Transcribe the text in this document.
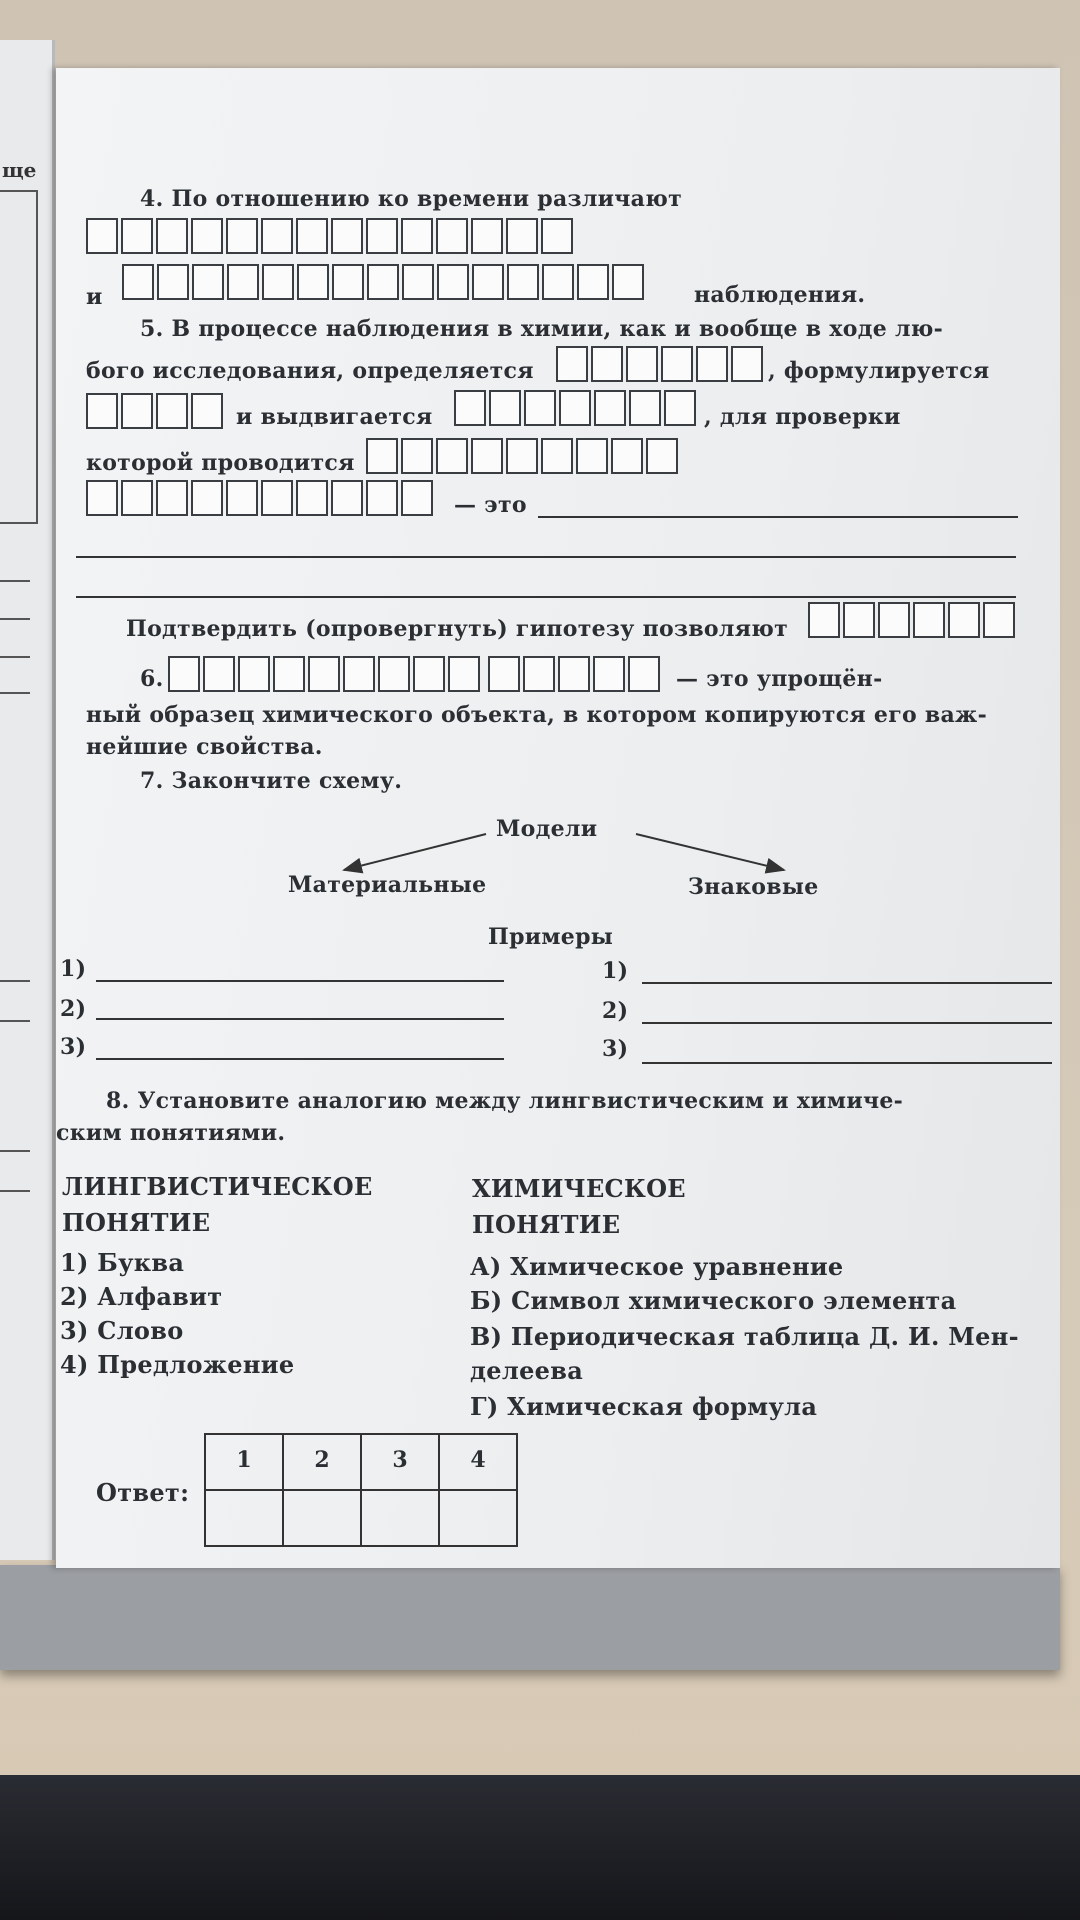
ще
4. По отношению ко времени различают
и	наблюдения.
5. В процессе наблюдения в химии, как и вообще в ходе лю-
бого исследования, определяется	, формулируется
и выдвигается	, для проверки
которой проводится
— это
Подтвердить (опровергнуть) гипотезу позволяют
6.	— это упрощён-
ный образец химического объекта, в котором копируются его важ-
нейшие свойства.
7. Закончите схему.
Модели
Материальные	Знаковые
Примеры
1)
2)
3)
1)
2)
3)
8. Установите аналогию между лингвистическим и химиче-
ским понятиями.
ЛИНГВИСТИЧЕСКОЕ
ПОНЯТИЕ
ХИМИЧЕСКОЕ
ПОНЯТИЕ
1) Буква
2) Алфавит
3) Слово
4) Предложение
А) Химическое уравнение
Б) Символ химического элемента
В) Периодическая таблица Д. И. Мен-
делеева
Г) Химическая формула
Ответ:
1	2	3	4
